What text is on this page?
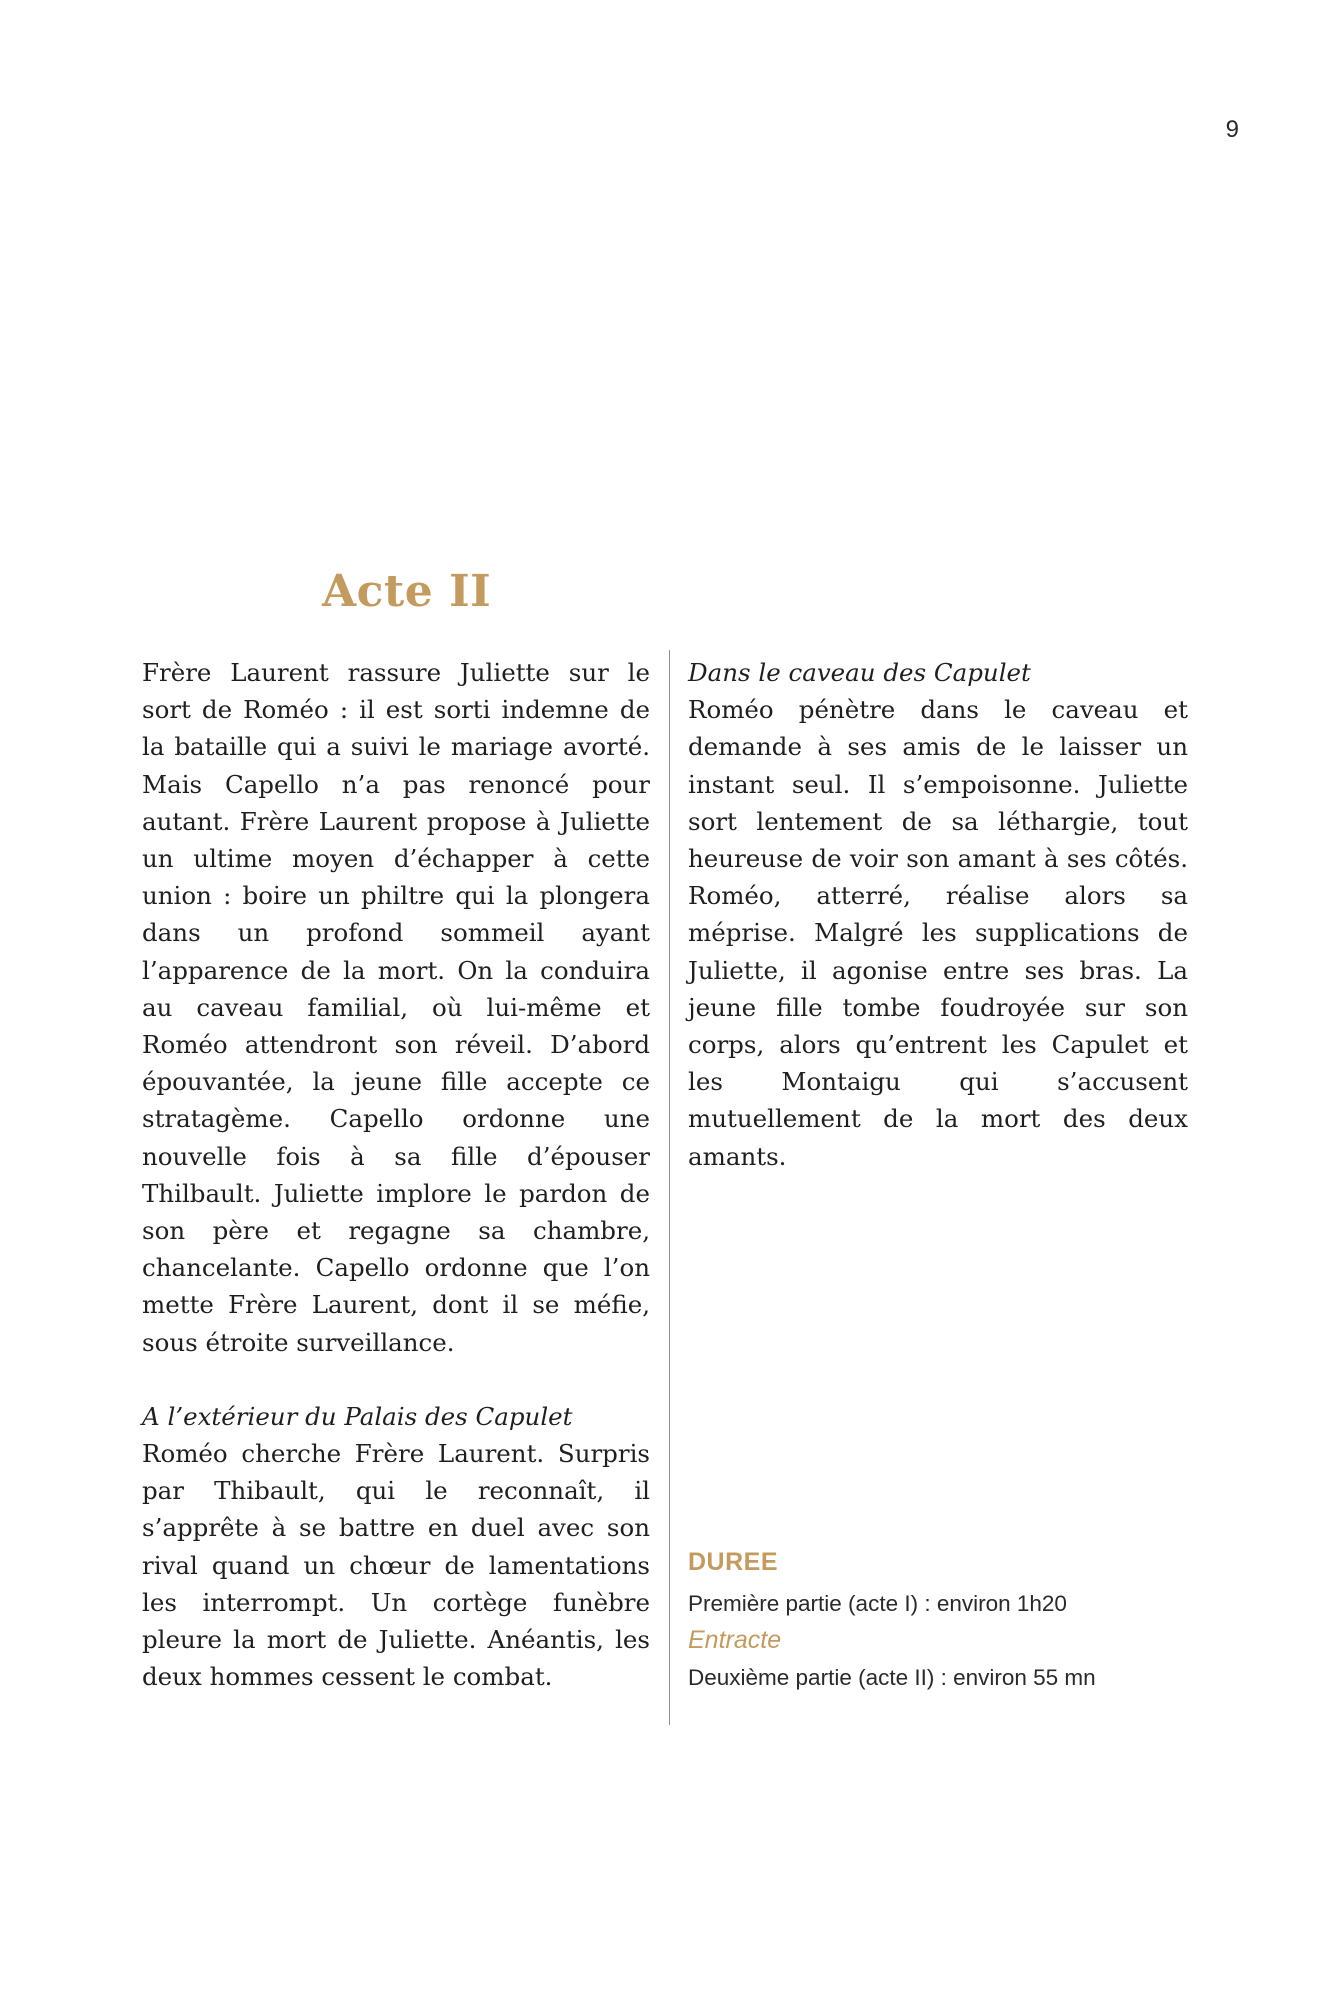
9
Acte II

Frère Laurent rassure Juliette sur le sort de Roméo : il est sorti indemne de la bataille qui a suivi le mariage avorté. Mais Capello n’a pas renoncé pour autant. Frère Laurent propose à Juliette un ultime moyen d’échapper à cette union : boire un philtre qui la plongera dans un profond sommeil ayant l’apparence de la mort. On la conduira au caveau familial, où lui-même et Roméo attendront son réveil. D’abord épouvantée, la jeune fille accepte ce stratagème. Capello ordonne une nouvelle fois à sa fille d’épouser Thilbault. Juliette implore le pardon de son père et regagne sa chambre, chancelante. Capello ordonne que l’on mette Frère Laurent, dont il se méfie, sous étroite surveillance.

A l’extérieur du Palais des Capulet

Roméo cherche Frère Laurent. Surpris par Thibault, qui le reconnaît, il s’apprête à se battre en duel avec son rival quand un chœur de lamentations les interrompt. Un cortège funèbre pleure la mort de Juliette. Anéantis, les deux hommes cessent le combat.

Dans le caveau des Capulet

Roméo pénètre dans le caveau et demande à ses amis de le laisser un instant seul. Il s’empoisonne. Juliette sort lentement de sa léthargie, tout heureuse de voir son amant à ses côtés. Roméo, atterré, réalise alors sa méprise. Malgré les supplications de Juliette, il agonise entre ses bras. La jeune fille tombe foudroyée sur son corps, alors qu’entrent les Capulet et les Montaigu qui s’accusent mutuellement de la mort des deux amants.

DUREE

Première partie (acte I) : environ 1h20

Entracte

Deuxième partie (acte II) : environ 55 mn
